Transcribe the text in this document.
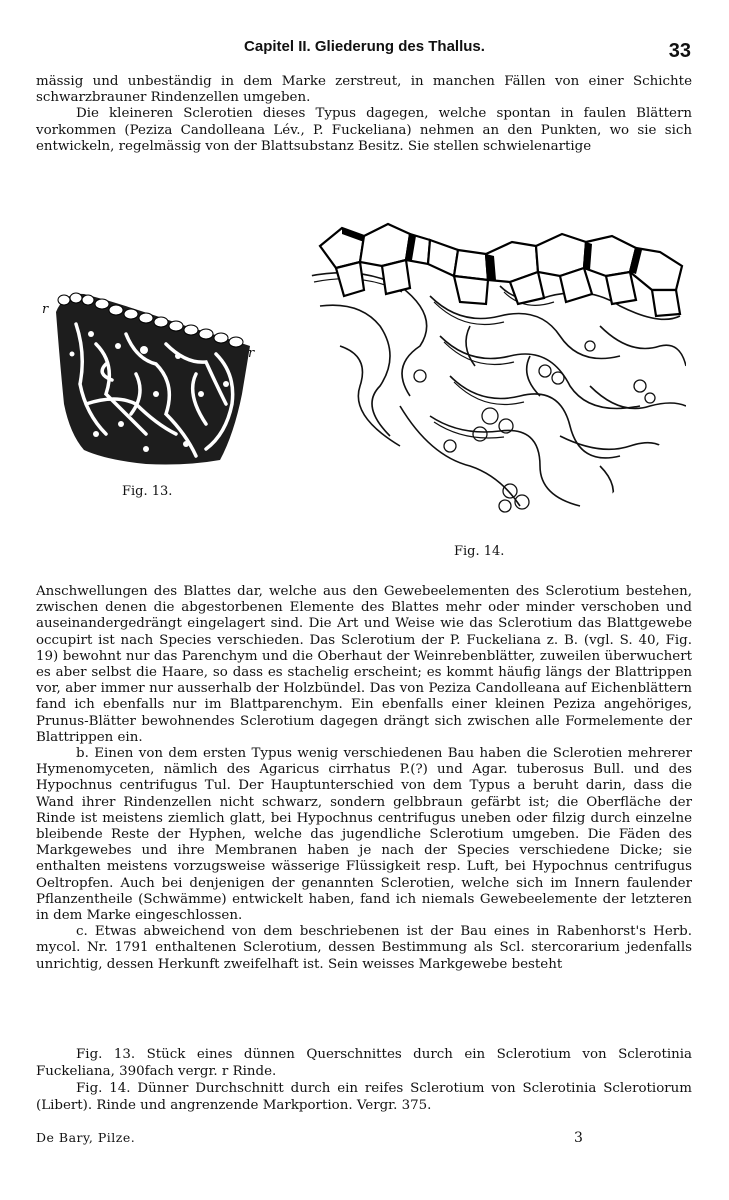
Capitel II. Gliederung des Thallus.	33

mässig und unbeständig in dem Marke zerstreut, in manchen Fällen von einer Schichte schwarzbrauner Rindenzellen umgeben.

Die kleineren Sclerotien dieses Typus dagegen, welche spontan in faulen Blättern vorkommen (Peziza Candolleana Lév., P. Fuckeliana) nehmen an den Punkten, wo sie sich entwickeln, regelmässig von der Blattsubstanz Besitz. Sie stellen schwielenartige

r
r
Fig. 13.
Fig. 14.

Anschwellungen des Blattes dar, welche aus den Gewebeelementen des Sclerotium bestehen, zwischen denen die abgestorbenen Elemente des Blattes mehr oder minder verschoben und auseinandergedrängt eingelagert sind. Die Art und Weise wie das Sclerotium das Blattgewebe occupirt ist nach Species verschieden. Das Sclerotium der P. Fuckeliana z. B. (vgl. S. 40, Fig. 19) bewohnt nur das Parenchym und die Oberhaut der Weinrebenblätter, zuweilen überwuchert es aber selbst die Haare, so dass es stachelig erscheint; es kommt häufig längs der Blattrippen vor, aber immer nur ausserhalb der Holzbündel. Das von Peziza Candolleana auf Eichenblättern fand ich ebenfalls nur im Blattparenchym. Ein ebenfalls einer kleinen Peziza angehöriges, Prunus-Blätter bewohnendes Sclerotium dagegen drängt sich zwischen alle Formelemente der Blattrippen ein.

b. Einen von dem ersten Typus wenig verschiedenen Bau haben die Sclerotien mehrerer Hymenomyceten, nämlich des Agaricus cirrhatus P.(?) und Agar. tuberosus Bull. und des Hypochnus centrifugus Tul. Der Hauptunterschied von dem Typus a beruht darin, dass die Wand ihrer Rindenzellen nicht schwarz, sondern gelbbraun gefärbt ist; die Oberfläche der Rinde ist meistens ziemlich glatt, bei Hypochnus centrifugus uneben oder filzig durch einzelne bleibende Reste der Hyphen, welche das jugendliche Sclerotium umgeben. Die Fäden des Markgewebes und ihre Membranen haben je nach der Species verschiedene Dicke; sie enthalten meistens vorzugsweise wässerige Flüssigkeit resp. Luft, bei Hypochnus centrifugus Oeltropfen. Auch bei denjenigen der genannten Sclerotien, welche sich im Innern faulender Pflanzentheile (Schwämme) entwickelt haben, fand ich niemals Gewebeelemente der letzteren in dem Marke eingeschlossen.

c. Etwas abweichend von dem beschriebenen ist der Bau eines in Rabenhorst's Herb. mycol. Nr. 1791 enthaltenen Sclerotium, dessen Bestimmung als Scl. stercorarium jedenfalls unrichtig, dessen Herkunft zweifelhaft ist. Sein weisses Markgewebe besteht

Fig. 13. Stück eines dünnen Querschnittes durch ein Sclerotium von Sclerotinia Fuckeliana, 390fach vergr. r Rinde.

Fig. 14. Dünner Durchschnitt durch ein reifes Sclerotium von Sclerotinia Sclerotiorum (Libert). Rinde und angrenzende Markportion. Vergr. 375.

De Bary, Pilze.	3
